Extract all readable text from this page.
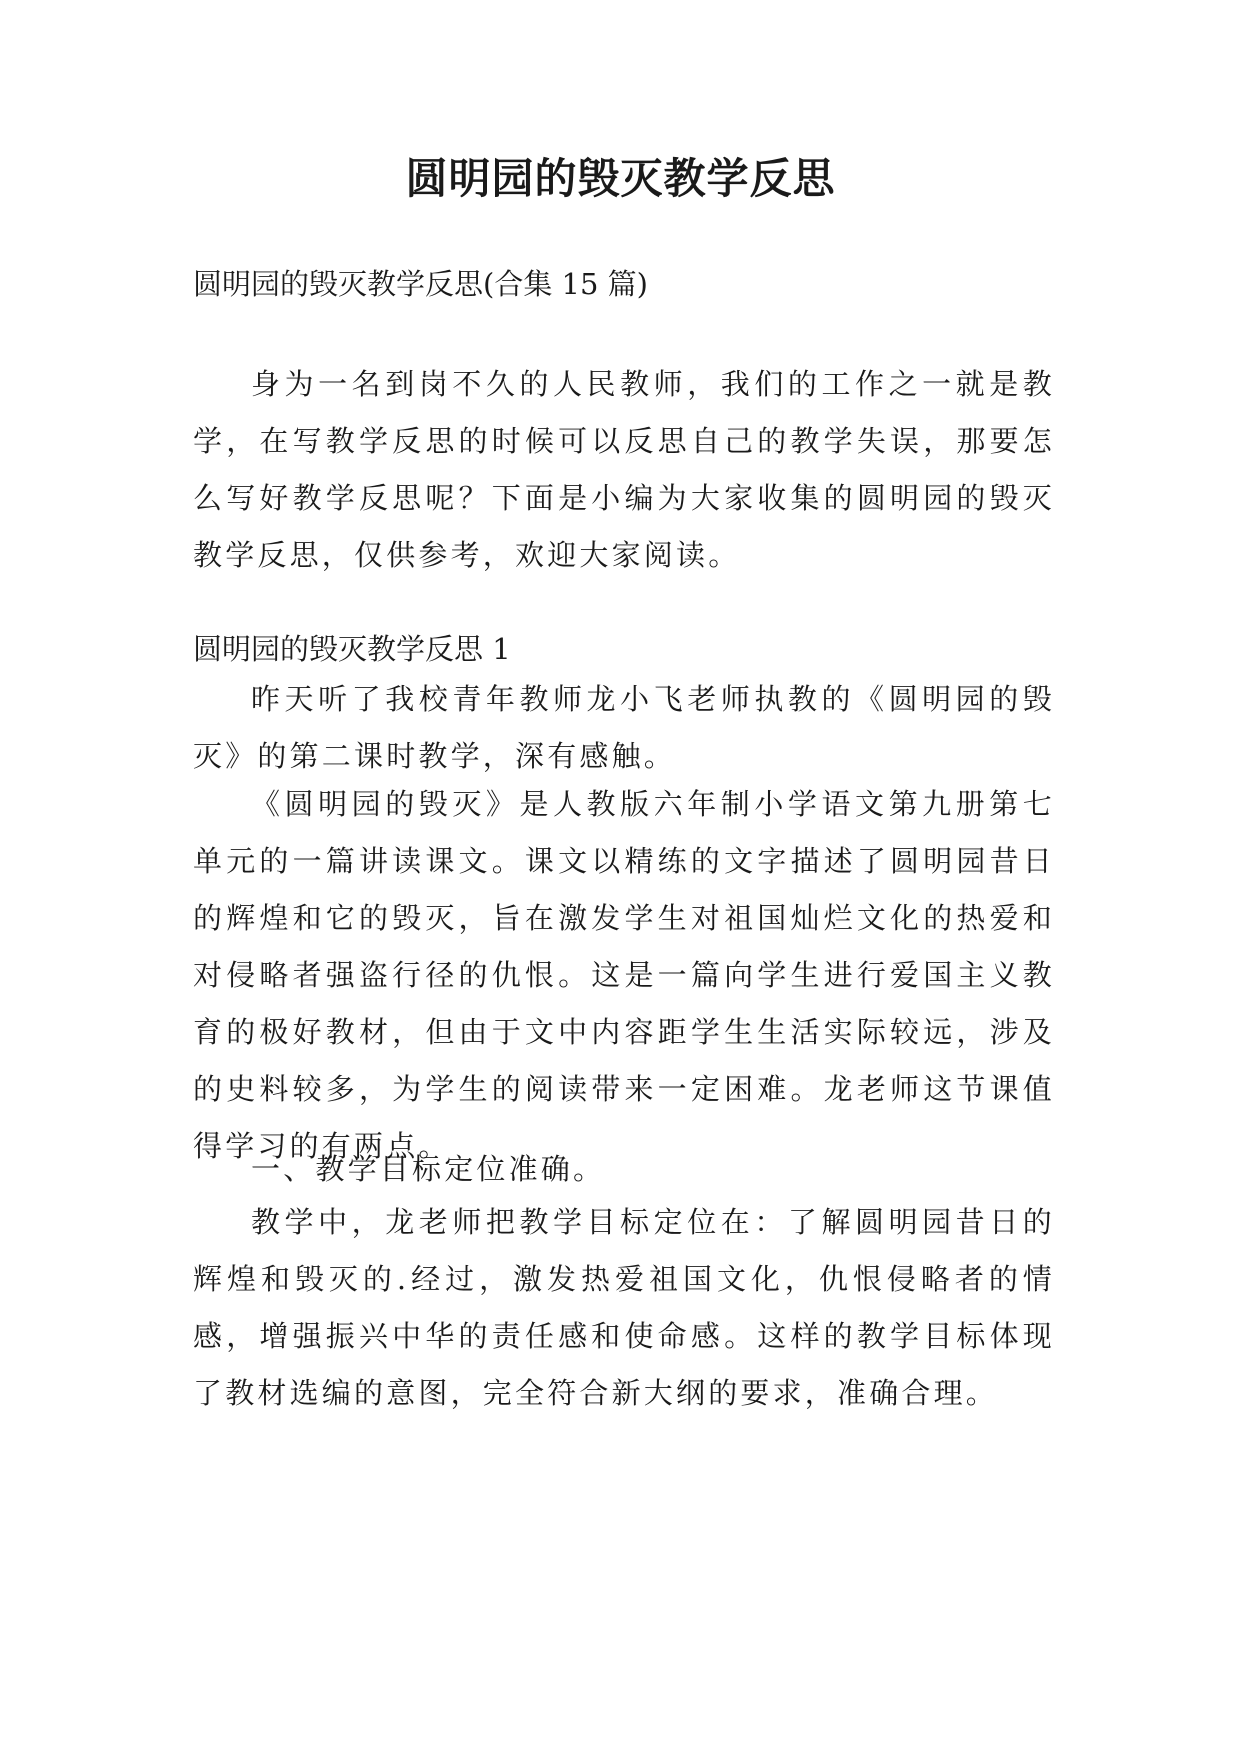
圆明园的毁灭教学反思

圆明园的毁灭教学反思(合集 15 篇)

身为一名到岗不久的人民教师，我们的工作之一就是教学，在写教学反思的时候可以反思自己的教学失误，那要怎么写好教学反思呢？下面是小编为大家收集的圆明园的毁灭教学反思，仅供参考，欢迎大家阅读。

圆明园的毁灭教学反思 1

昨天听了我校青年教师龙小飞老师执教的《圆明园的毁灭》的第二课时教学，深有感触。

《圆明园的毁灭》是人教版六年制小学语文第九册第七单元的一篇讲读课文。课文以精练的文字描述了圆明园昔日的辉煌和它的毁灭，旨在激发学生对祖国灿烂文化的热爱和对侵略者强盗行径的仇恨。这是一篇向学生进行爱国主义教育的极好教材，但由于文中内容距学生生活实际较远，涉及的史料较多，为学生的阅读带来一定困难。龙老师这节课值得学习的有两点。

一、教学目标定位准确。

教学中，龙老师把教学目标定位在：了解圆明园昔日的辉煌和毁灭的.经过，激发热爱祖国文化，仇恨侵略者的情感，增强振兴中华的责任感和使命感。这样的教学目标体现了教材选编的意图，完全符合新大纲的要求，准确合理。
